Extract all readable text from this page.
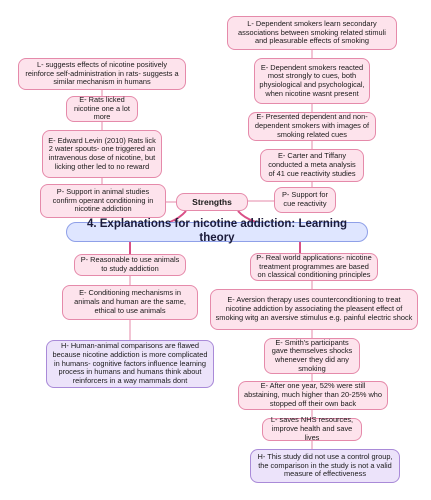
L- suggests effects of nicotine positively reinforce self-administration in rats- suggests a similar mechanism in humans
E- Rats licked nicotine one a lot more
E- Edward Levin (2010) Rats lick 2 water spouts- one triggered an intravenous dose of nicotine, but licking other led to no reward
P- Support in animal studies confirm operant conditioning in nicotine addiction
Strengths
L- Dependent smokers learn secondary associations between smoking related stimuli and pleasurable effects of smoking
E- Dependent smokers reacted most strongly to cues, both physiological and psychological, when nicotine wasnt present
E- Presented dependent and non-dependent smokers with images of smoking related cues
E- Carter and Tiffany conducted a meta analysis of 41 cue reactivity studies
P- Support for cue reactivity
4. Explanations for nicotine addiction: Learning theory
P- Reasonable to use animals to study addiction
E- Conditioning mechanisms in animals and human are the same, ethical to use animals
H- Human-animal comparisons are flawed because nicotine addiction is more complicated in humans- cognitive factors influence learning process in humans and humans think about reinforcers in a way mammals dont
P- Real world applications- nicotine treatment programmes are based on classical conditioning principles
E- Aversion therapy uses counterconditioning to treat nicotine addiction by associating the pleasent effect of smoking witg an aversive stimulus e.g. painful electric shock
E- Smith's participants gave themselves shocks whenever they did any smoking
E- After one year, 52% were still abstaining, much higher than 20-25% who stopped off their own back
L- saves NHS resources, improve health and save lives
H- This study did not use a control group, the comparison in the study is not a valid measure of effectiveness
